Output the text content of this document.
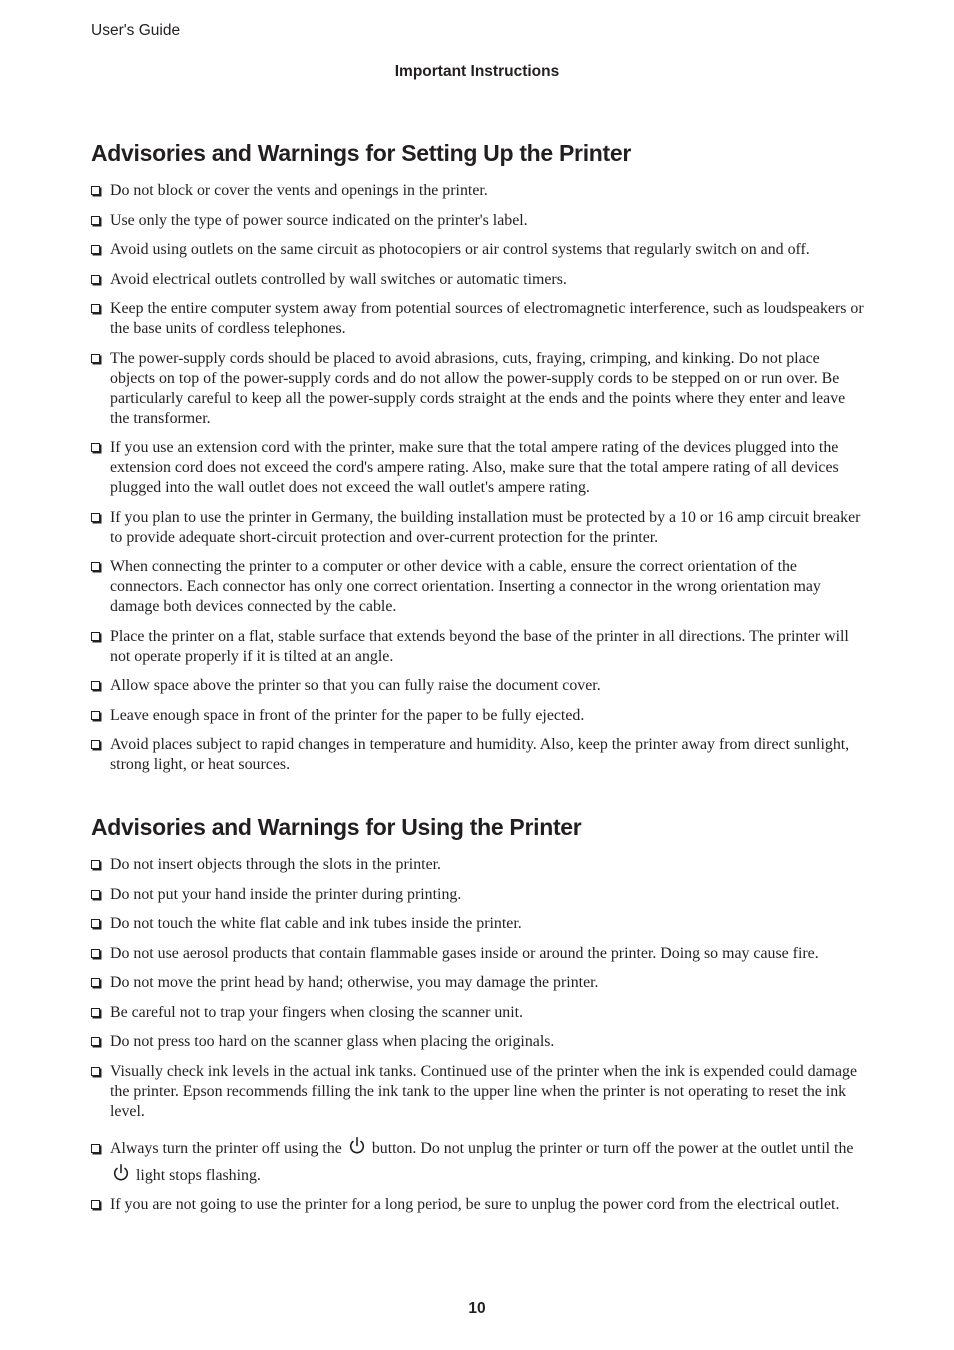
User's Guide
Important Instructions
Advisories and Warnings for Setting Up the Printer
Do not block or cover the vents and openings in the printer.
Use only the type of power source indicated on the printer's label.
Avoid using outlets on the same circuit as photocopiers or air control systems that regularly switch on and off.
Avoid electrical outlets controlled by wall switches or automatic timers.
Keep the entire computer system away from potential sources of electromagnetic interference, such as loudspeakers or the base units of cordless telephones.
The power-supply cords should be placed to avoid abrasions, cuts, fraying, crimping, and kinking. Do not place objects on top of the power-supply cords and do not allow the power-supply cords to be stepped on or run over. Be particularly careful to keep all the power-supply cords straight at the ends and the points where they enter and leave the transformer.
If you use an extension cord with the printer, make sure that the total ampere rating of the devices plugged into the extension cord does not exceed the cord's ampere rating. Also, make sure that the total ampere rating of all devices plugged into the wall outlet does not exceed the wall outlet's ampere rating.
If you plan to use the printer in Germany, the building installation must be protected by a 10 or 16 amp circuit breaker to provide adequate short-circuit protection and over-current protection for the printer.
When connecting the printer to a computer or other device with a cable, ensure the correct orientation of the connectors. Each connector has only one correct orientation. Inserting a connector in the wrong orientation may damage both devices connected by the cable.
Place the printer on a flat, stable surface that extends beyond the base of the printer in all directions. The printer will not operate properly if it is tilted at an angle.
Allow space above the printer so that you can fully raise the document cover.
Leave enough space in front of the printer for the paper to be fully ejected.
Avoid places subject to rapid changes in temperature and humidity. Also, keep the printer away from direct sunlight, strong light, or heat sources.
Advisories and Warnings for Using the Printer
Do not insert objects through the slots in the printer.
Do not put your hand inside the printer during printing.
Do not touch the white flat cable and ink tubes inside the printer.
Do not use aerosol products that contain flammable gases inside or around the printer. Doing so may cause fire.
Do not move the print head by hand; otherwise, you may damage the printer.
Be careful not to trap your fingers when closing the scanner unit.
Do not press too hard on the scanner glass when placing the originals.
Visually check ink levels in the actual ink tanks. Continued use of the printer when the ink is expended could damage the printer. Epson recommends filling the ink tank to the upper line when the printer is not operating to reset the ink level.
Always turn the printer off using the button. Do not unplug the printer or turn off the power at the outlet until the  light stops flashing.
If you are not going to use the printer for a long period, be sure to unplug the power cord from the electrical outlet.
10
